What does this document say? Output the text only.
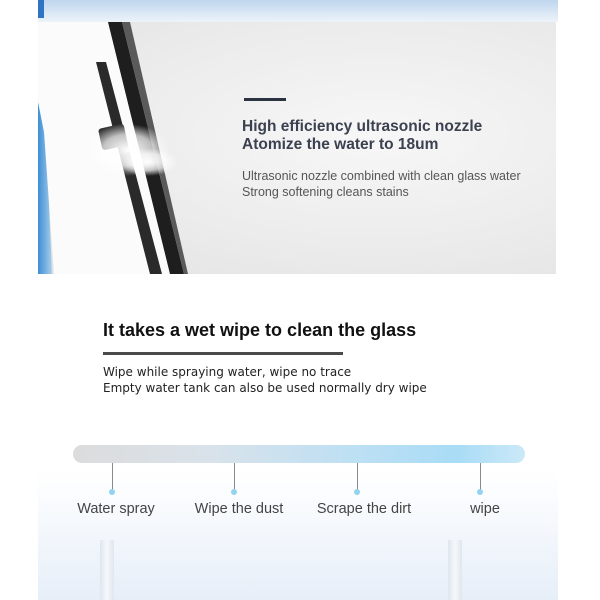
High efficiency ultrasonic nozzle
Atomize the water to 18um
Ultrasonic nozzle combined with clean glass water
Strong softening cleans stains
It takes a wet wipe to clean the glass
Wipe while spraying water, wipe no trace
Empty water tank can also be used normally dry wipe
Water spray	Wipe the dust	Scrape the dirt	wipe
